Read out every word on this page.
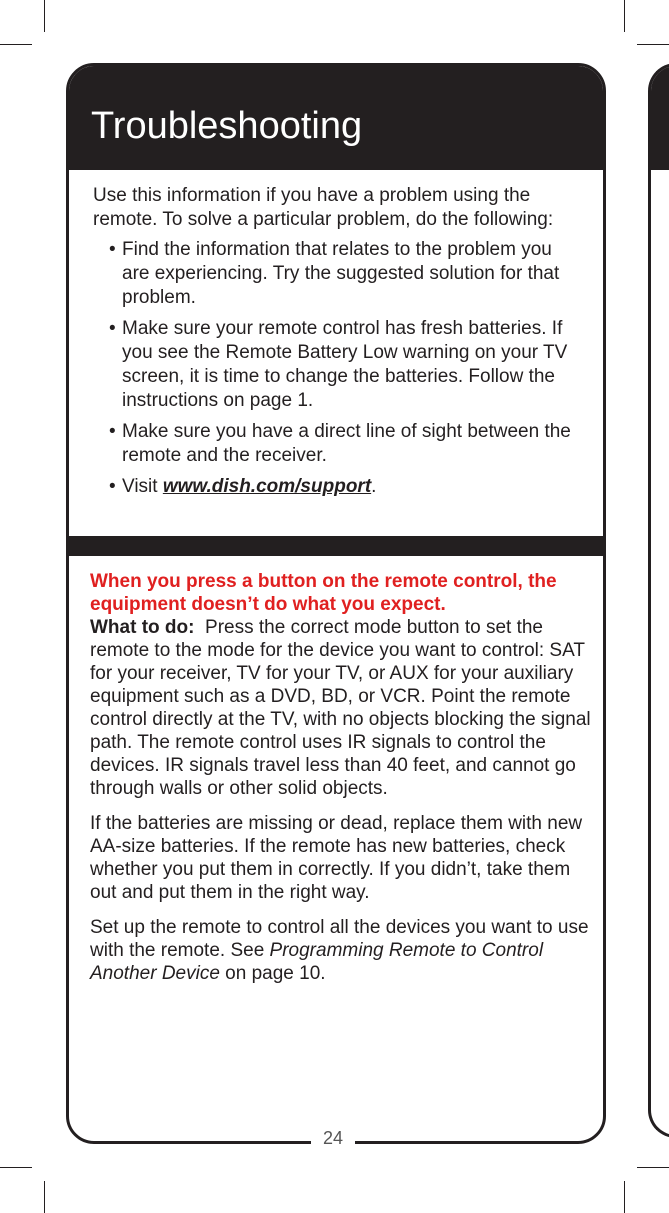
Troubleshooting

Use this information if you have a problem using the remote. To solve a particular problem, do the following:

• Find the information that relates to the problem you are experiencing. Try the suggested solution for that problem.
• Make sure your remote control has fresh batteries. If you see the Remote Battery Low warning on your TV screen, it is time to change the batteries. Follow the instructions on page 1.
• Make sure you have a direct line of sight between the remote and the receiver.
• Visit www.dish.com/support.

When you press a button on the remote control, the equipment doesn’t do what you expect.

What to do:  Press the correct mode button to set the remote to the mode for the device you want to control: SAT for your receiver, TV for your TV, or AUX for your auxiliary equipment such as a DVD, BD, or VCR. Point the remote control directly at the TV, with no objects blocking the signal path. The remote control uses IR signals to control the devices. IR signals travel less than 40 feet, and cannot go through walls or other solid objects.

If the batteries are missing or dead, replace them with new AA-size batteries. If the remote has new batteries, check whether you put them in correctly. If you didn’t, take them out and put them in the right way.

Set up the remote to control all the devices you want to use with the remote. See Programming Remote to Control Another Device on page 10.

24
